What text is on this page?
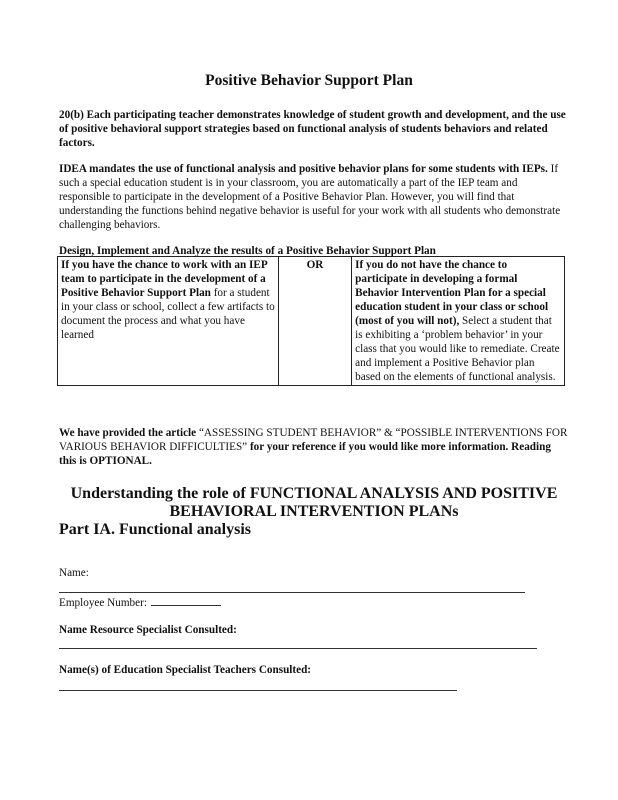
Positive Behavior Support Plan
20(b) Each participating teacher demonstrates knowledge of student growth and development, and the use of positive behavioral support strategies based on functional analysis of students behaviors and related factors.
IDEA mandates the use of functional analysis and positive behavior plans for some students with IEPs. If such a special education student is in your classroom, you are automatically a part of the IEP team and responsible to participate in the development of a Positive Behavior Plan. However, you will find that understanding the functions behind negative behavior is useful for your work with all students who demonstrate challenging behaviors.
Design, Implement and Analyze the results of a Positive Behavior Support Plan
If you have the chance to work with an IEP team to participate in the development of a Positive Behavior Support Plan for a student in your class or school, collect a few artifacts to document the process and what you have learned	OR	If you do not have the chance to participate in developing a formal Behavior Intervention Plan for a special education student in your class or school (most of you will not), Select a student that is exhibiting a ‘problem behavior’ in your class that you would like to remediate. Create and implement a Positive Behavior plan based on the elements of functional analysis.
We have provided the article “ASSESSING STUDENT BEHAVIOR” & “POSSIBLE INTERVENTIONS FOR VARIOUS BEHAVIOR DIFFICULTIES” for your reference if you would like more information. Reading this is OPTIONAL.
Understanding the role of FUNCTIONAL ANALYSIS AND POSITIVE BEHAVIORAL INTERVENTION PLANs
Part IA. Functional analysis
Name:
Employee Number:
Name Resource Specialist Consulted:
Name(s) of Education Specialist Teachers Consulted:
